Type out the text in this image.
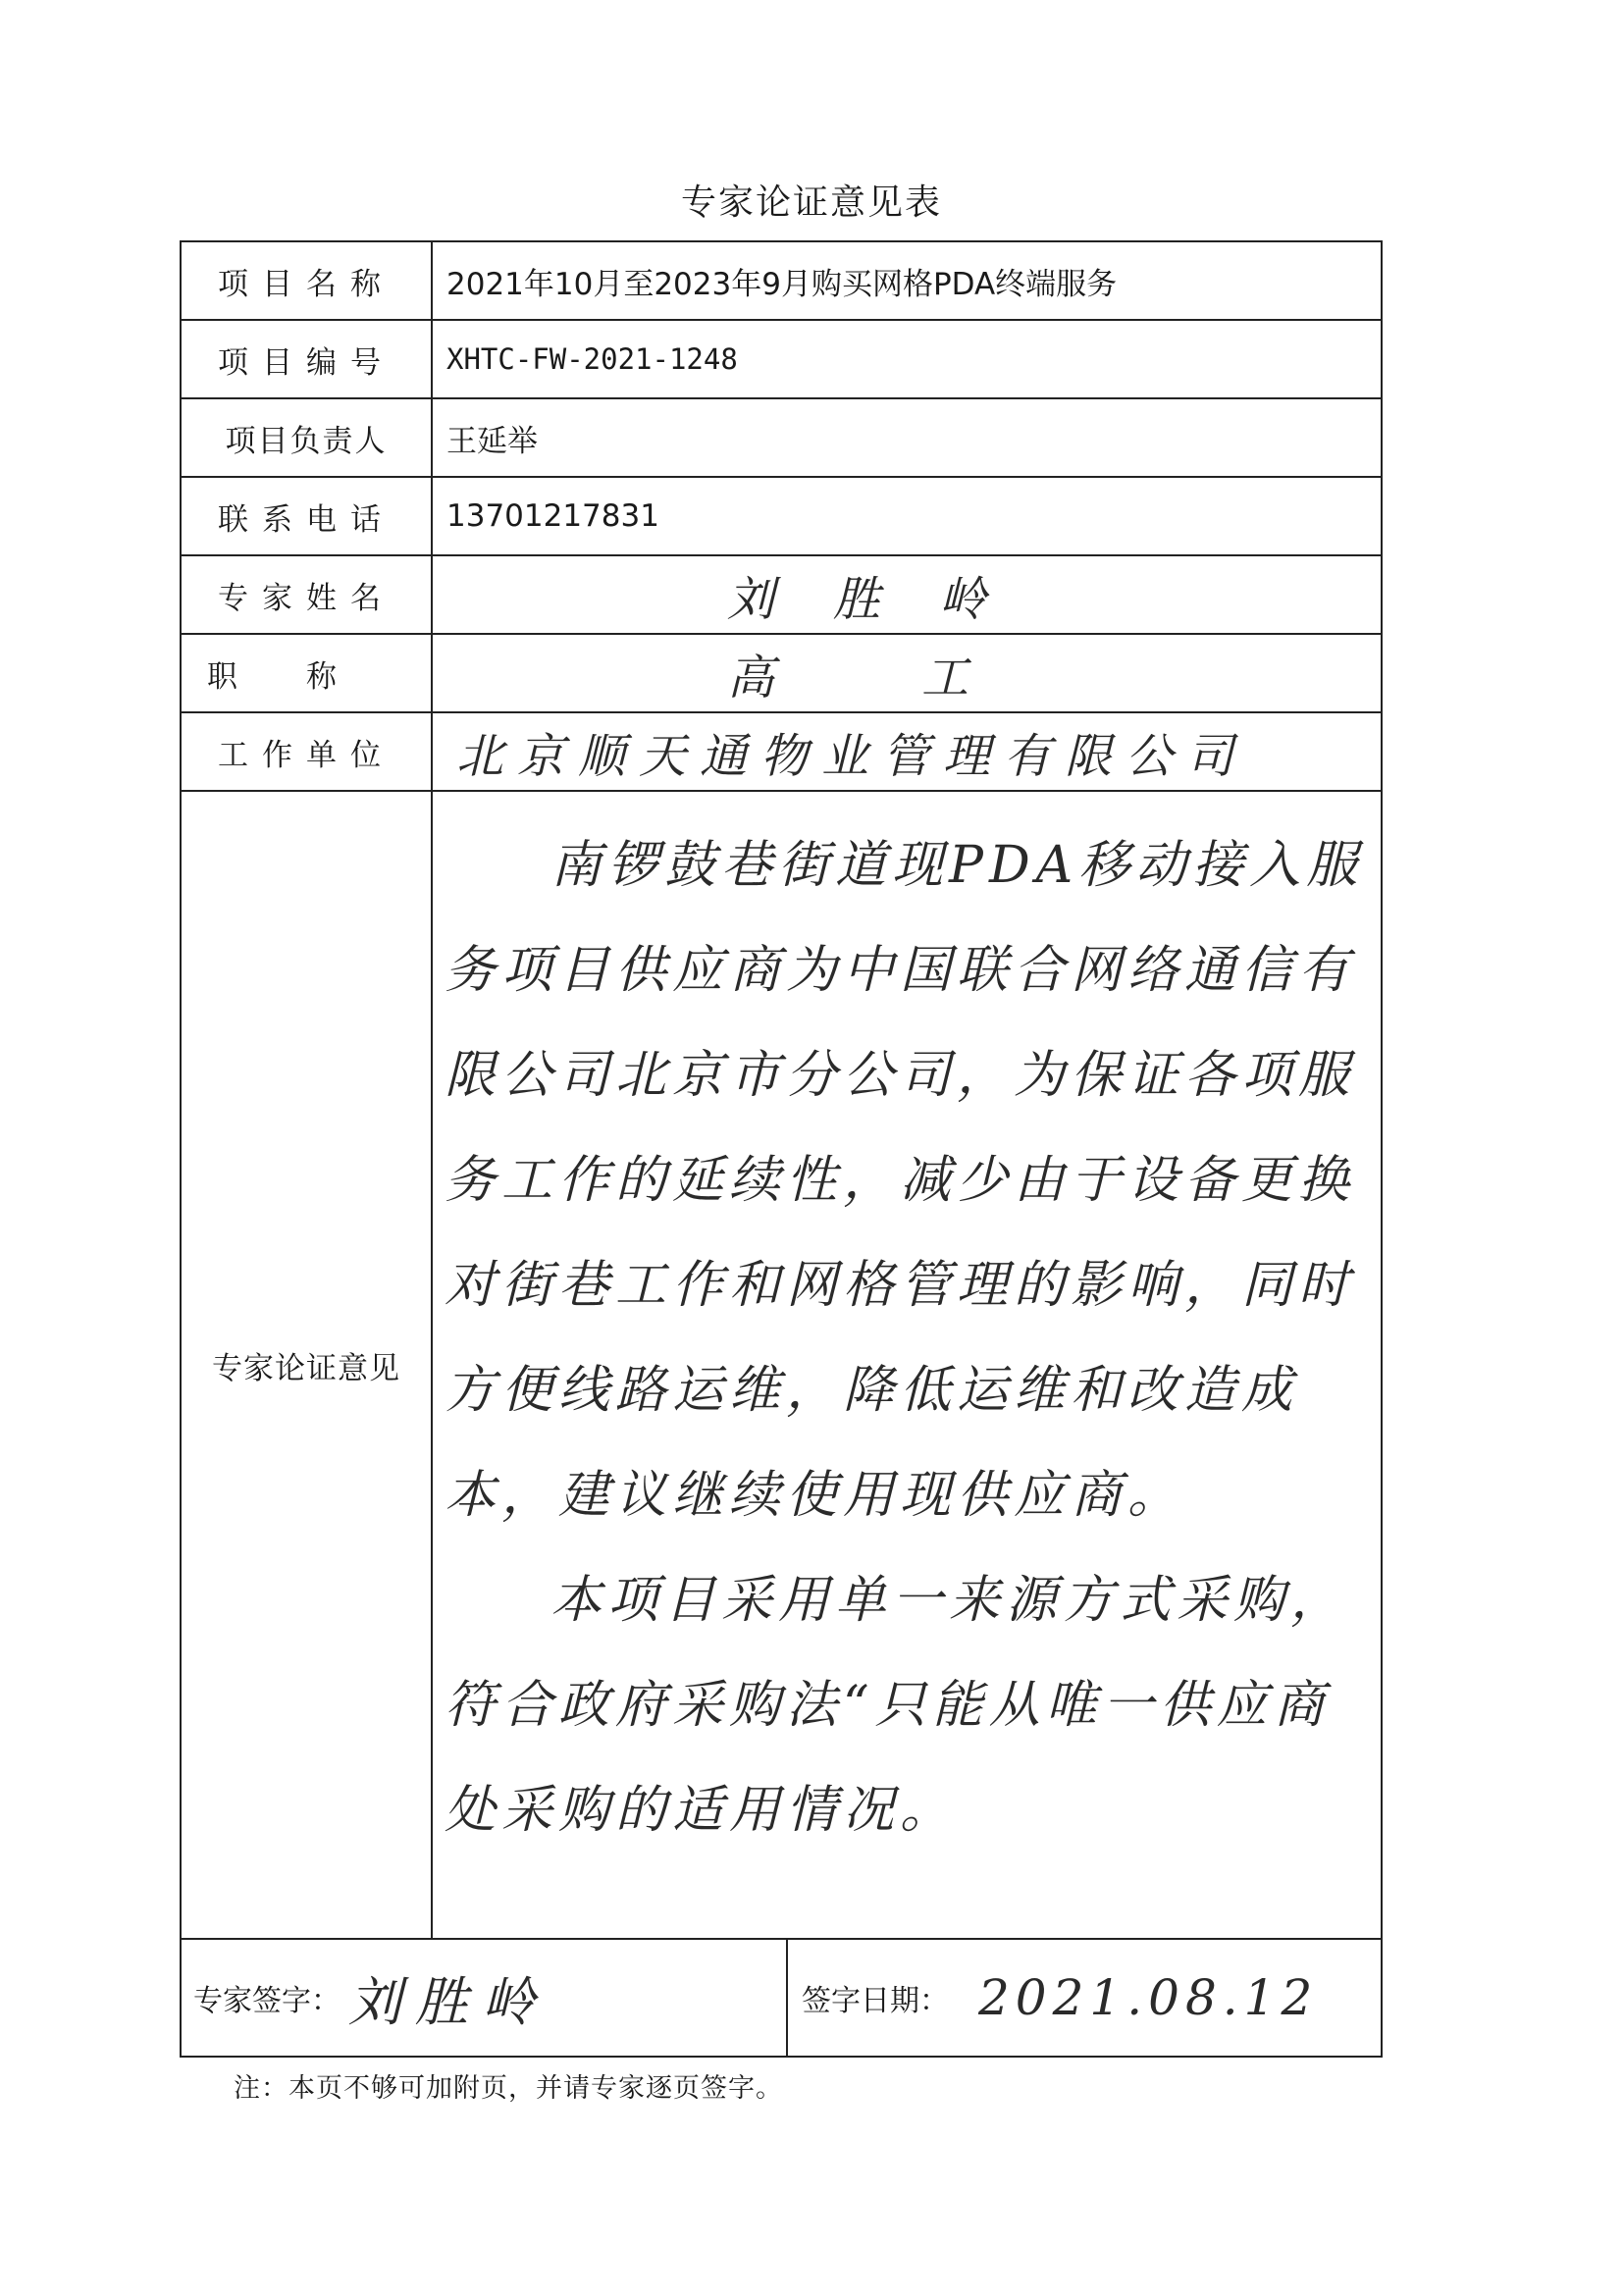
专家论证意见表
项目名称	2021年10月至2023年9月购买网格PDA终端服务
项目编号	XHTC-FW-2021-1248
项目负责人	王延举
联系电话	13701217831
专家姓名	刘胜岭
职称	高工
工作单位	北京顺天通物业管理有限公司
专家论证意见	南锣鼓巷街道现PDA移动接入服务项目供应商为中国联合网络通信有限公司北京市分公司，为保证各项服务工作的延续性，减少由于设备更换对街巷工作和网格管理的影响，同时方便线路运维，降低运维和改造成本，建议继续使用现供应商。

本项目采用单一来源方式采购，符合政府采购法“只能从唯一供应商处采购的适用情况。

专家签字： 刘胜岭 签字日期： 2021.08.12	
注：本页不够可加附页，并请专家逐页签字。
